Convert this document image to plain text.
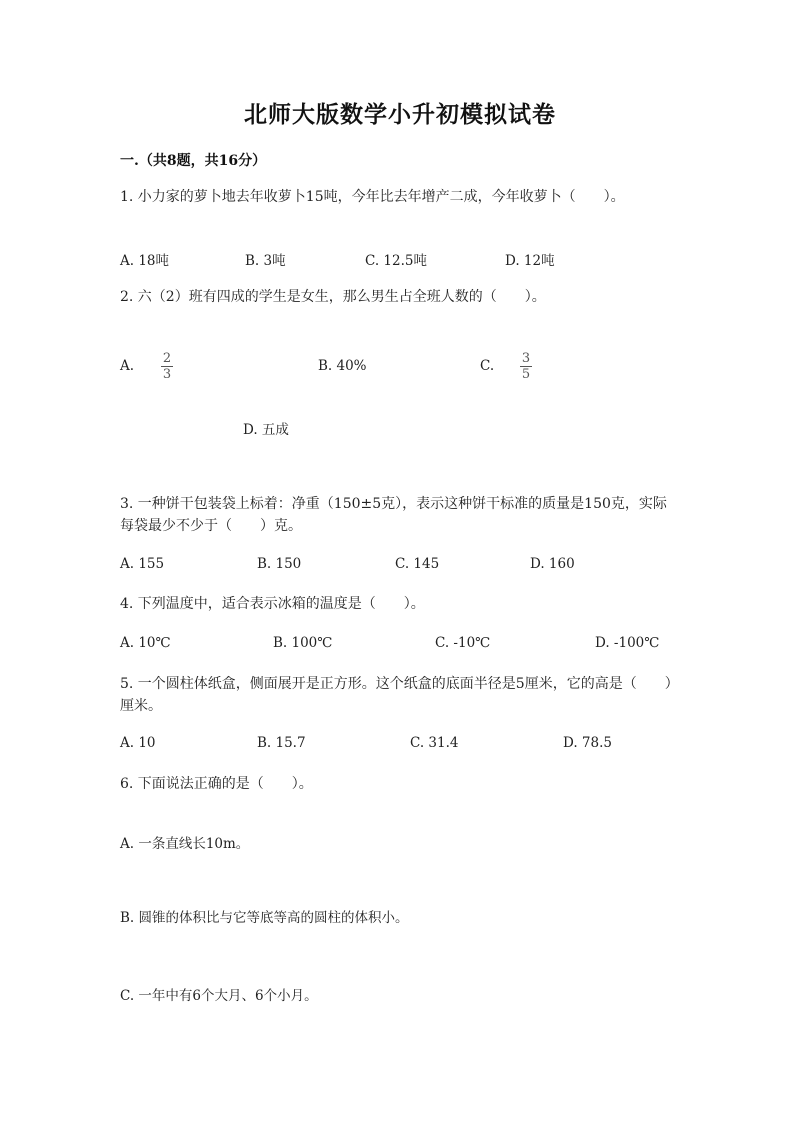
北师大版数学小升初模拟试卷
一.（共8题，共16分）
1. 小力家的萝卜地去年收萝卜15吨，今年比去年增产二成，今年收萝卜（　　）。
A. 18吨	B. 3吨	C. 12.5吨	D. 12吨
2. 六（2）班有四成的学生是女生，那么男生占全班人数的（　　）。
A. 2
3
B. 40%	C. 3
5
D. 五成
3. 一种饼干包装袋上标着：净重（150±5克），表示这种饼干标准的质量是150克，实际每袋最少不少于（　　）克。
A. 155	B. 150	C. 145	D. 160
4. 下列温度中，适合表示冰箱的温度是（　　）。
A. 10℃	B. 100℃	C. -10℃	D. -100℃
5. 一个圆柱体纸盒，侧面展开是正方形。这个纸盒的底面半径是5厘米，它的高是（　　）厘米。
A. 10	B. 15.7	C. 31.4	D. 78.5
6. 下面说法正确的是（　　）。
A. 一条直线长10m。
B. 圆锥的体积比与它等底等高的圆柱的体积小。
C. 一年中有6个大月、6个小月。
